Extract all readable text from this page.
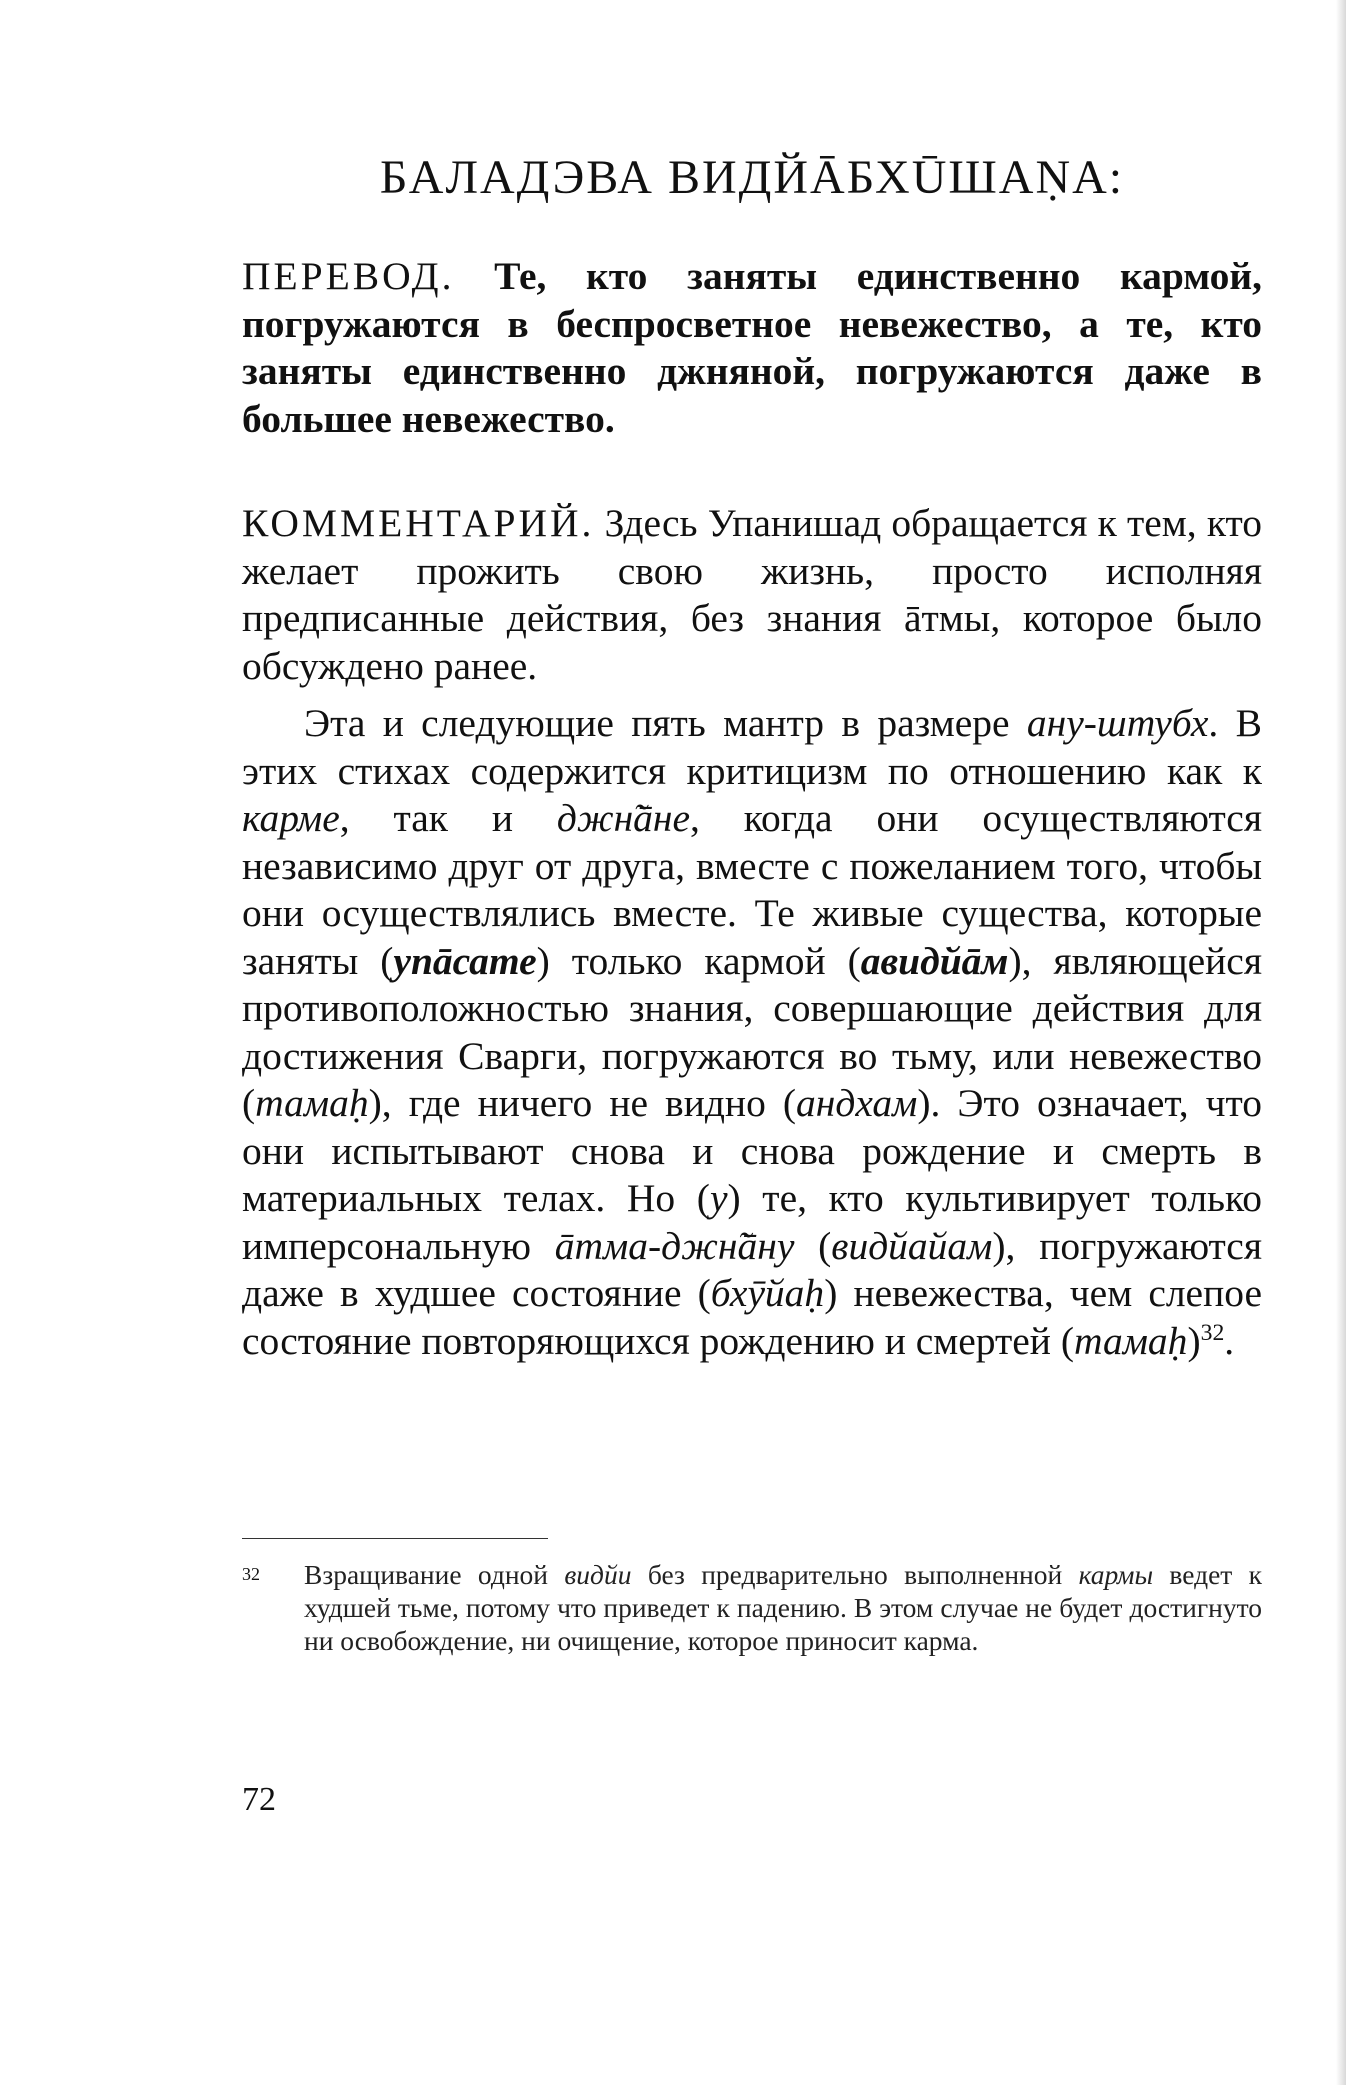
БАЛАДЭВА ВИДЙĀБХŪШАṆА:

ПЕРЕВОД. Те, кто заняты единственно кармой, погружаются в беспросветное невежество, а те, кто заняты единственно джняной, погружаются даже в большее невежество.

КОММЕНТАРИЙ. Здесь Упанишад обращается к тем, кто желает прожить свою жизнь, просто исполняя предписанные действия, без знания āтмы, которое было обсуждено ранее.

Эта и следующие пять мантр в размере ану-штубх. В этих стихах содержится критицизм по отношению как к карме, так и джн̃āне, когда они осуществляются независимо друг от друга, вместе с пожеланием того, чтобы они осуществлялись вместе. Те живые существа, которые заняты (упāсате) только кармой (авидйāм), являющейся противоположностью знания, совершающие действия для достижения Сварги, погружаются во тьму, или невежество (тамаḥ), где ничего не видно (андхам). Это означает, что они испытывают снова и снова рождение и смерть в материальных телах. Но (у) те, кто культивирует только имперсональную āтма-джн̃āну (видйайам), погружаются даже в худшее состояние (бхӯйаḥ) невежества, чем слепое состояние повторяющихся рождению и смертей (тамаḥ)$^{32}$.

32 Взращивание одной видйи без предварительно выполненной кармы ведет к худшей тьме, потому что приведет к падению. В этом случае не будет достигнуто ни освобождение, ни очищение, которое приносит карма.

72
